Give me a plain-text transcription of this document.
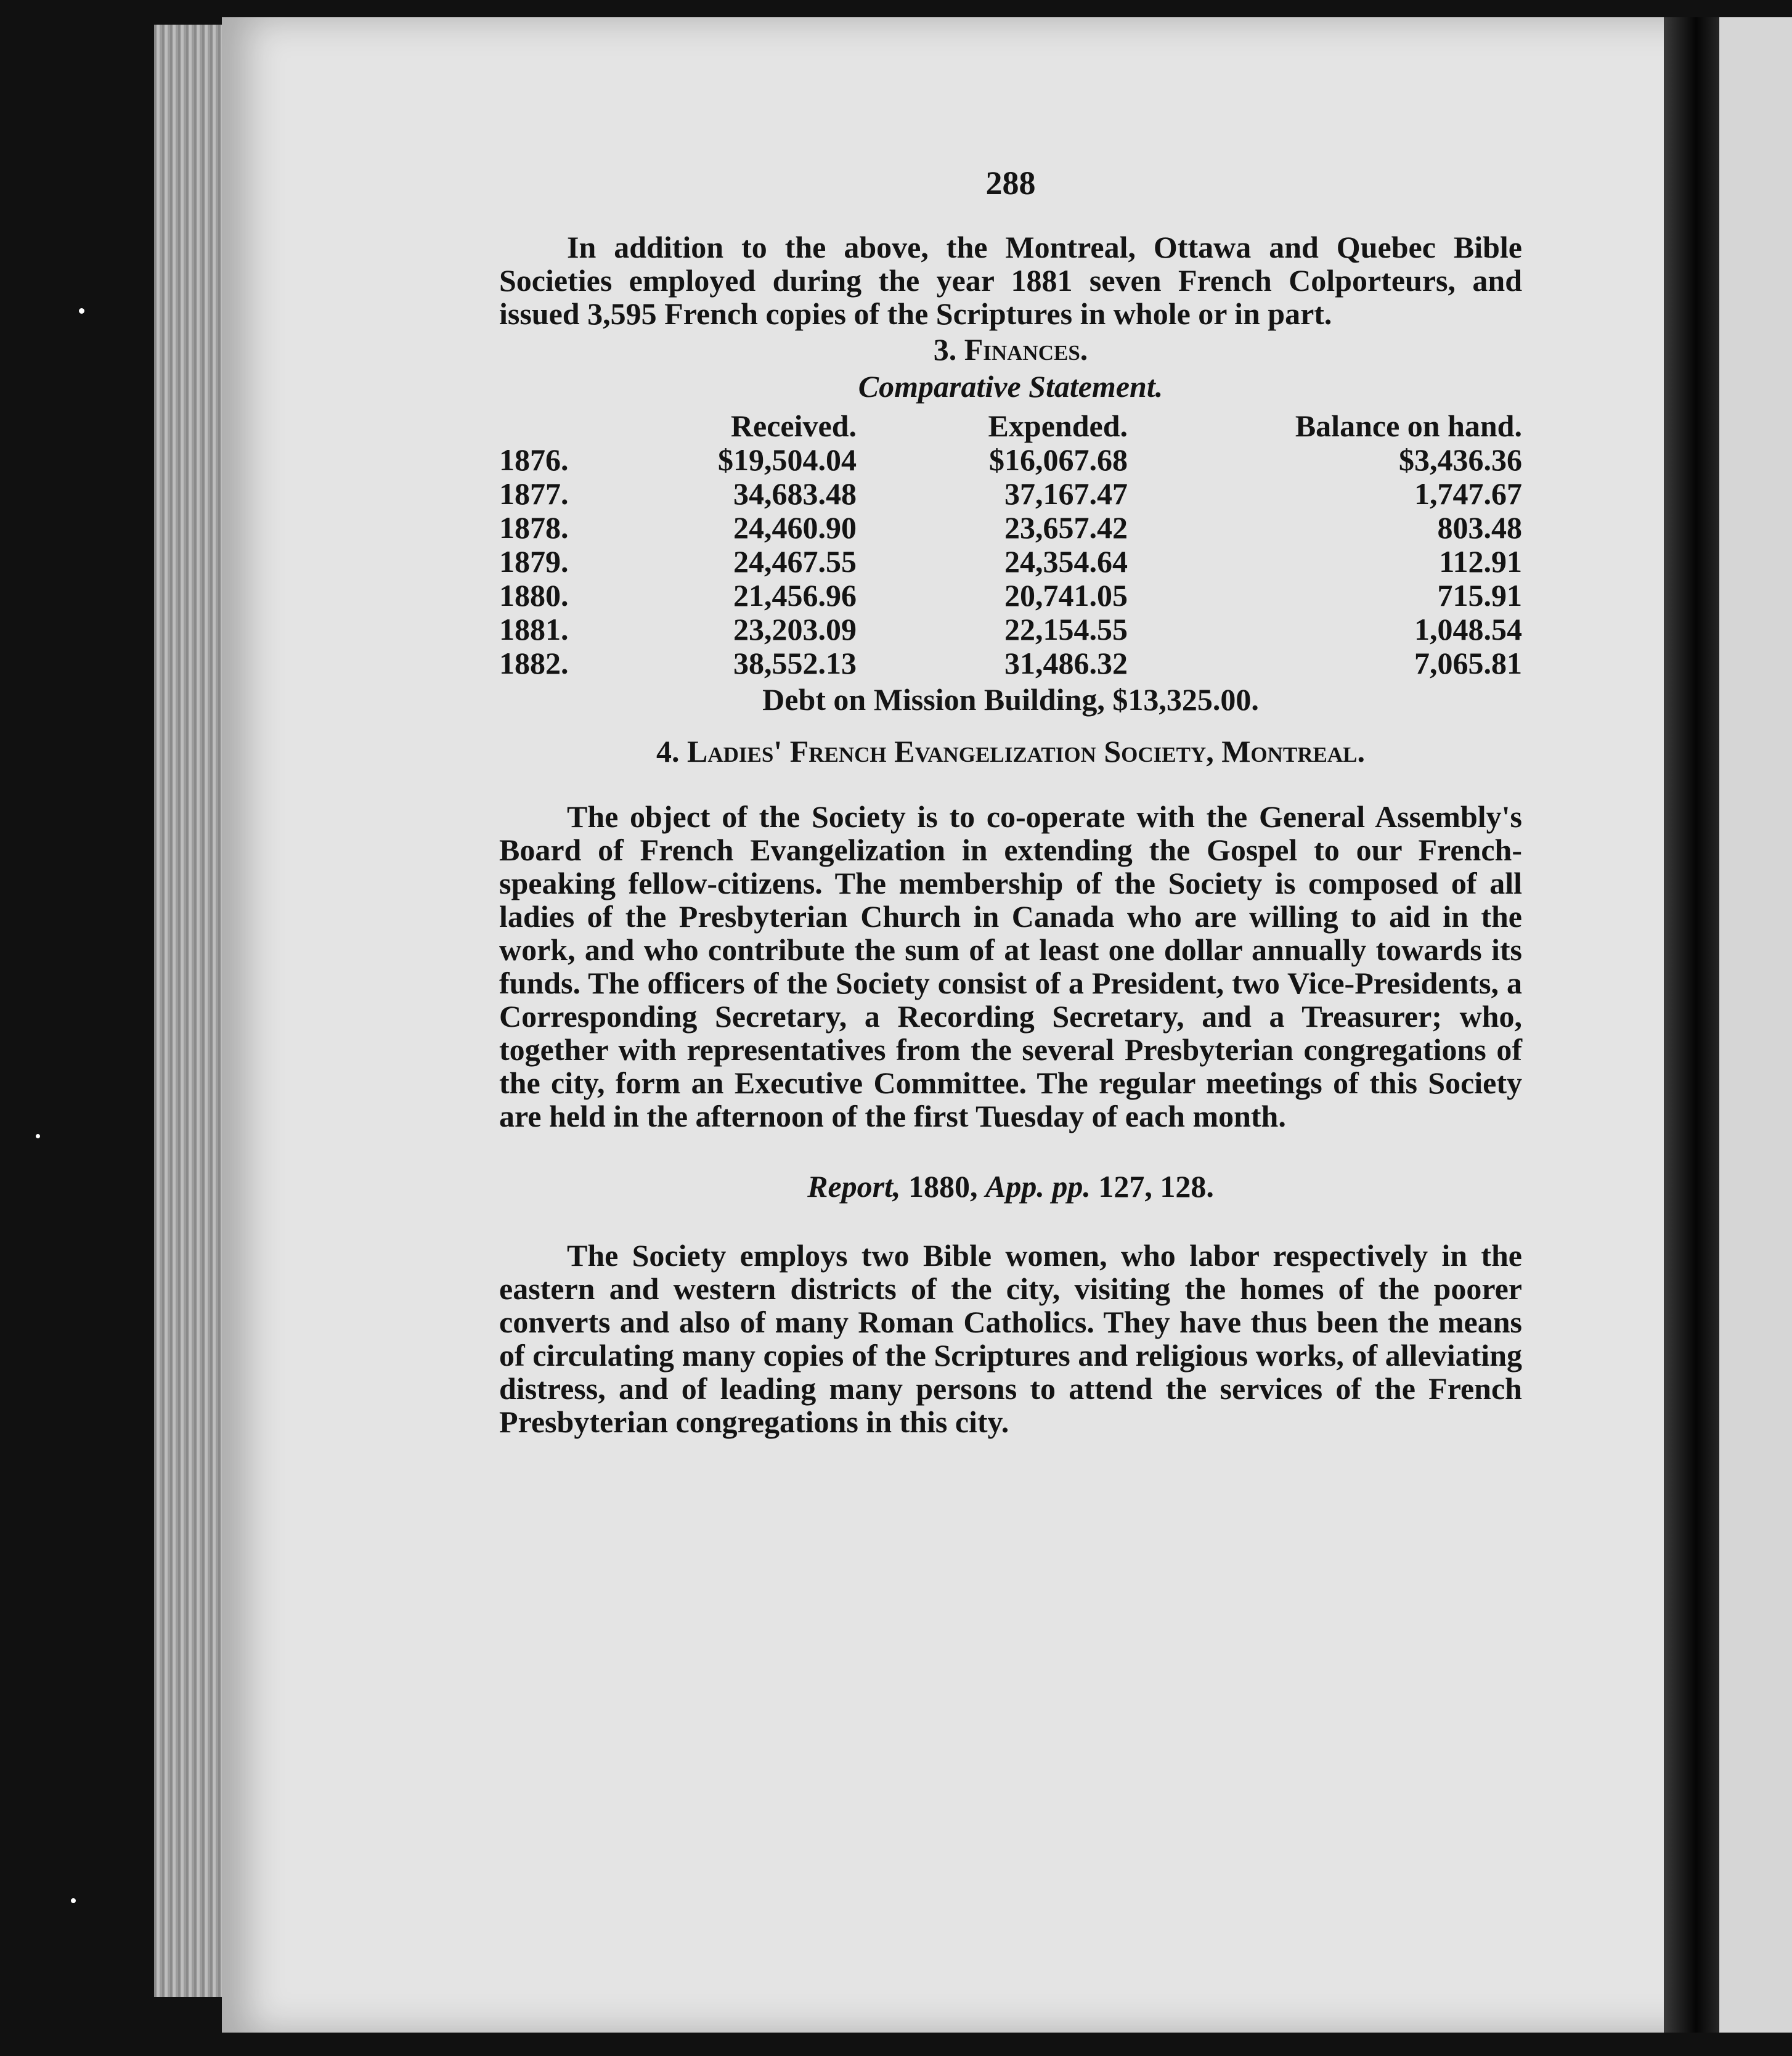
288

In addition to the above, the Montreal, Ottawa and Quebec Bible Societies employed during the year 1881 seven French Colporteurs, and issued 3,595 French copies of the Scriptures in whole or in part.

3. Finances.
Comparative Statement.
	Received.	Expended.	Balance on hand.
1876.	$19,504.04	$16,067.68	$3,436.36
1877.	34,683.48	37,167.47	1,747.67
1878.	24,460.90	23,657.42	803.48
1879.	24,467.55	24,354.64	112.91
1880.	21,456.96	20,741.05	715.91
1881.	23,203.09	22,154.55	1,048.54
1882.	38,552.13	31,486.32	7,065.81
Debt on Mission Building, $13,325.00.
4. Ladies' French Evangelization Society, Montreal.

The object of the Society is to co-operate with the General Assembly's Board of French Evangelization in extending the Gospel to our French-speaking fellow-citizens. The membership of the Society is composed of all ladies of the Presbyterian Church in Canada who are willing to aid in the work, and who contribute the sum of at least one dollar annually towards its funds. The officers of the Society consist of a President, two Vice-Presidents, a Corresponding Secretary, a Recording Secretary, and a Treasurer; who, together with representatives from the several Presbyterian congregations of the city, form an Executive Committee. The regular meetings of this Society are held in the afternoon of the first Tuesday of each month.

Report, 1880, App. pp. 127, 128.

The Society employs two Bible women, who labor respectively in the eastern and western districts of the city, visiting the homes of the poorer converts and also of many Roman Catholics. They have thus been the means of circulating many copies of the Scriptures and religious works, of alleviating distress, and of leading many persons to attend the services of the French Presbyterian congregations in this city.
